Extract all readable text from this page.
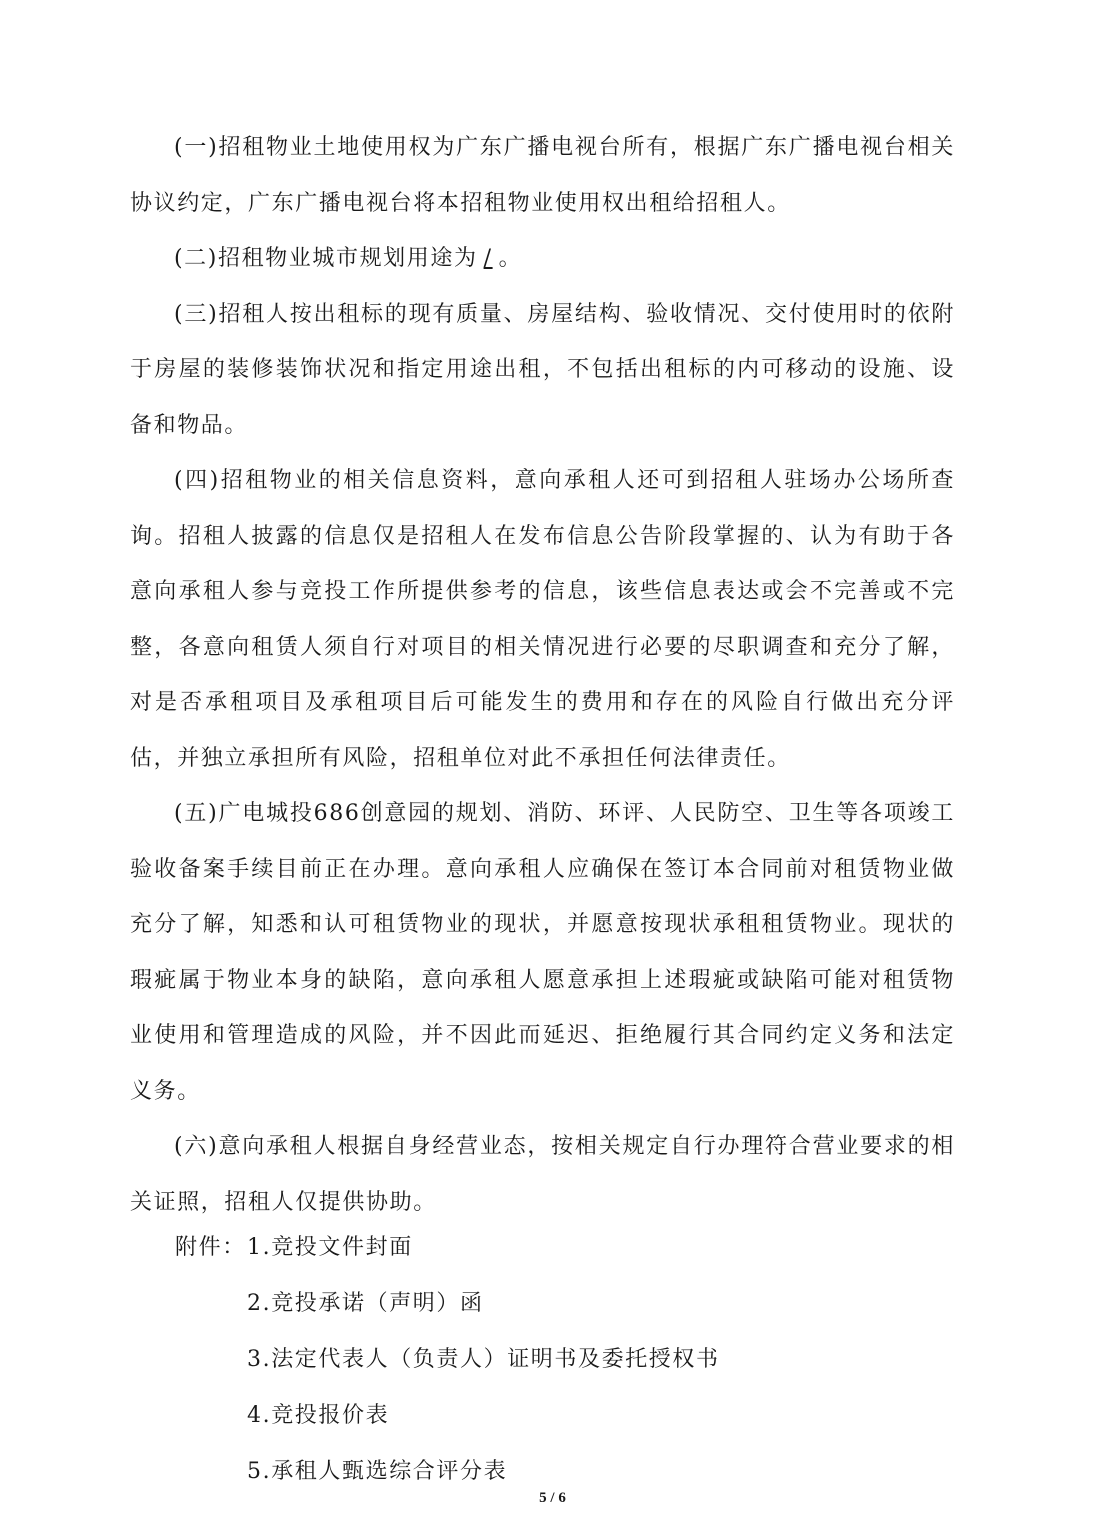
(一)招租物业土地使用权为广东广播电视台所有，根据广东广播电视台相关协议约定，广东广播电视台将本招租物业使用权出租给招租人。

(二)招租物业城市规划用途为 / 。

(三)招租人按出租标的现有质量、房屋结构、验收情况、交付使用时的依附于房屋的装修装饰状况和指定用途出租，不包括出租标的内可移动的设施、设备和物品。

(四)招租物业的相关信息资料，意向承租人还可到招租人驻场办公场所查询。招租人披露的信息仅是招租人在发布信息公告阶段掌握的、认为有助于各意向承租人参与竞投工作所提供参考的信息，该些信息表达或会不完善或不完整，各意向租赁人须自行对项目的相关情况进行必要的尽职调查和充分了解，对是否承租项目及承租项目后可能发生的费用和存在的风险自行做出充分评估，并独立承担所有风险，招租单位对此不承担任何法律责任。

(五)广电城投686创意园的规划、消防、环评、人民防空、卫生等各项竣工验收备案手续目前正在办理。意向承租人应确保在签订本合同前对租赁物业做充分了解，知悉和认可租赁物业的现状，并愿意按现状承租租赁物业。现状的瑕疵属于物业本身的缺陷，意向承租人愿意承担上述瑕疵或缺陷可能对租赁物业使用和管理造成的风险，并不因此而延迟、拒绝履行其合同约定义务和法定义务。

(六)意向承租人根据自身经营业态，按相关规定自行办理符合营业要求的相关证照，招租人仅提供协助。

附件：1.竞投文件封面
2.竞投承诺（声明）函
3.法定代表人（负责人）证明书及委托授权书
4.竞投报价表
5.承租人甄选综合评分表
5 / 6
